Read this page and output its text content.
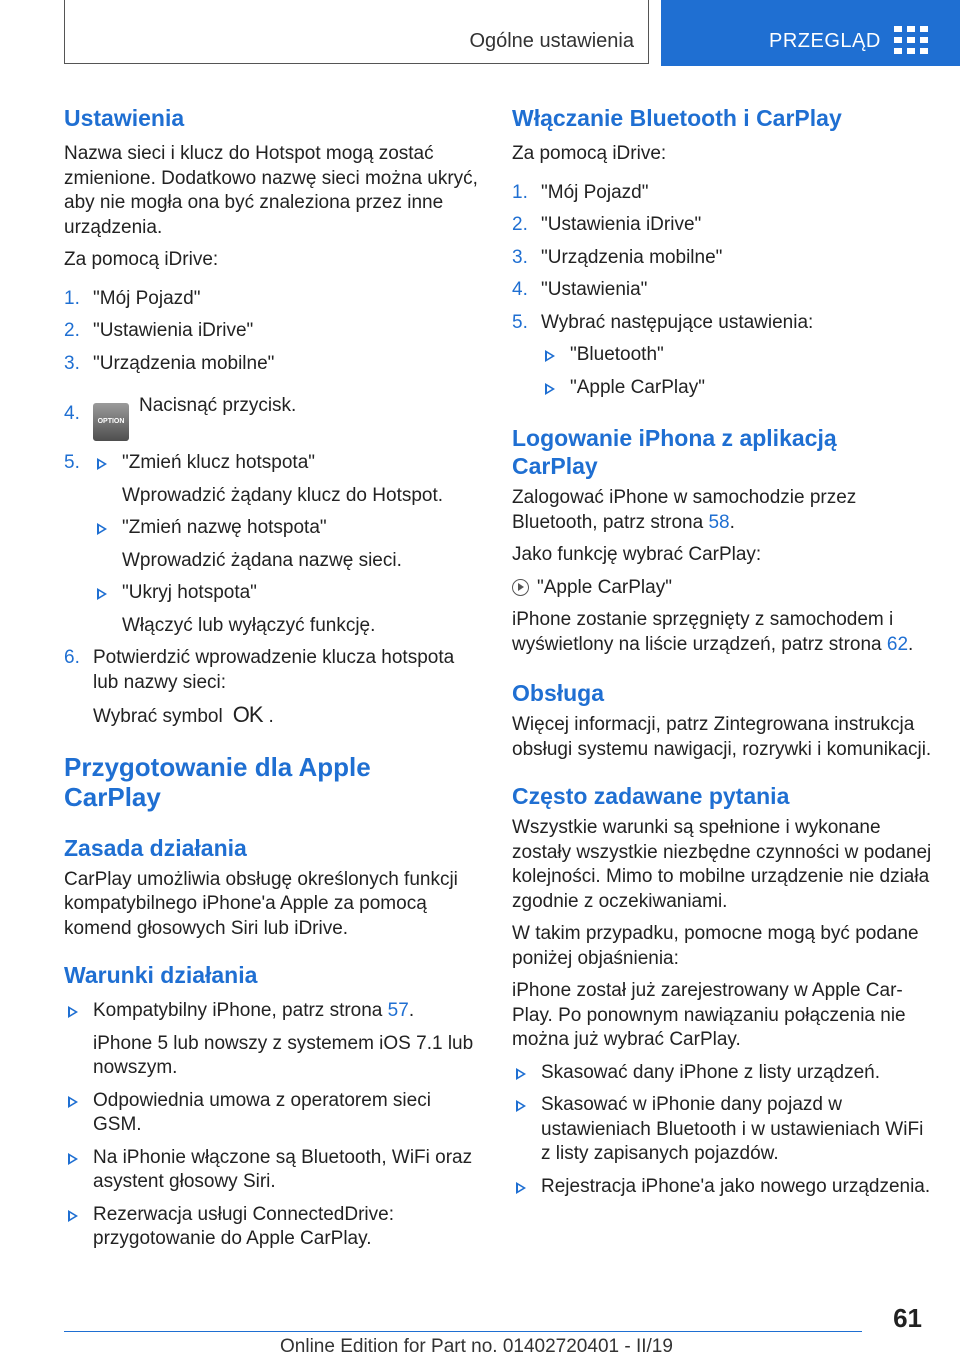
Ogólne ustawienia	PRZEGLĄD
Ustawienia

Nazwa sieci i klucz do Hotspot mogą zostać zmienione. Dodatkowo nazwę sieci można ukryć, aby nie mogła ona być znaleziona przez inne urządzenia.

Za pomocą iDrive:

1. "Mój Pojazd"
2. "Ustawienia iDrive"
3. "Urządzenia mobilne"
4.	OPTIONNacisnąć przycisk.
5. "Zmień klucz hotspota"
Wprowadzić żądany klucz do Hotspot.
"Zmień nazwę hotspota"
Wprowadzić żądana nazwę sieci.
"Ukryj hotspota"
Włączyć lub wyłączyć funkcję.
6. Potwierdzić wprowadzenie klucza hotspota lub nazwy sieci:
Wybrać symbol OK .
Przygotowanie dla Apple CarPlay
Zasada działania

CarPlay umożliwia obsługę określonych funkcji kompatybilnego iPhone'a Apple za pomocą komend głosowych Siri lub iDrive.

Warunki działania
Kompatybilny iPhone, patrz strona 57.
iPhone 5 lub nowszy z systemem iOS 7.1 lub nowszym.
Odpowiednia umowa z operatorem sieci GSM.
Na iPhonie włączone są Bluetooth, WiFi oraz asystent głosowy Siri.
Rezerwacja usługi ConnectedDrive: przygotowanie do Apple CarPlay.
Włączanie Bluetooth i CarPlay

Za pomocą iDrive:

1. "Mój Pojazd"
2. "Ustawienia iDrive"
3. "Urządzenia mobilne"
4. "Ustawienia"
5. Wybrać następujące ustawienia:
"Bluetooth"
"Apple CarPlay"
Logowanie iPhona z aplikacją CarPlay

Zalogować iPhone w samochodzie przez Bluetooth, patrz strona 58.

Jako funkcję wybrać CarPlay:

"Apple CarPlay"

iPhone zostanie sprzęgnięty z samochodem i wyświetlony na liście urządzeń, patrz strona 62.

Obsługa

Więcej informacji, patrz Zintegrowana instrukcja obsługi systemu nawigacji, rozrywki i komunikacji.

Często zadawane pytania

Wszystkie warunki są spełnione i wykonane zostały wszystkie niezbędne czynności w podanej kolejności. Mimo to mobilne urządzenie nie działa zgodnie z oczekiwaniami.

W takim przypadku, pomocne mogą być podane poniżej objaśnienia:

iPhone został już zarejestrowany w Apple Car-Play. Po ponownym nawiązaniu połączenia nie można już wybrać CarPlay.

Skasować dany iPhone z listy urządzeń.
Skasować w iPhonie dany pojazd w ustawieniach Bluetooth i w ustawieniach WiFi z listy zapisanych pojazdów.
Rejestracja iPhone'a jako nowego urządzenia.
61
Online Edition for Part no. 01402720401 - II/19
